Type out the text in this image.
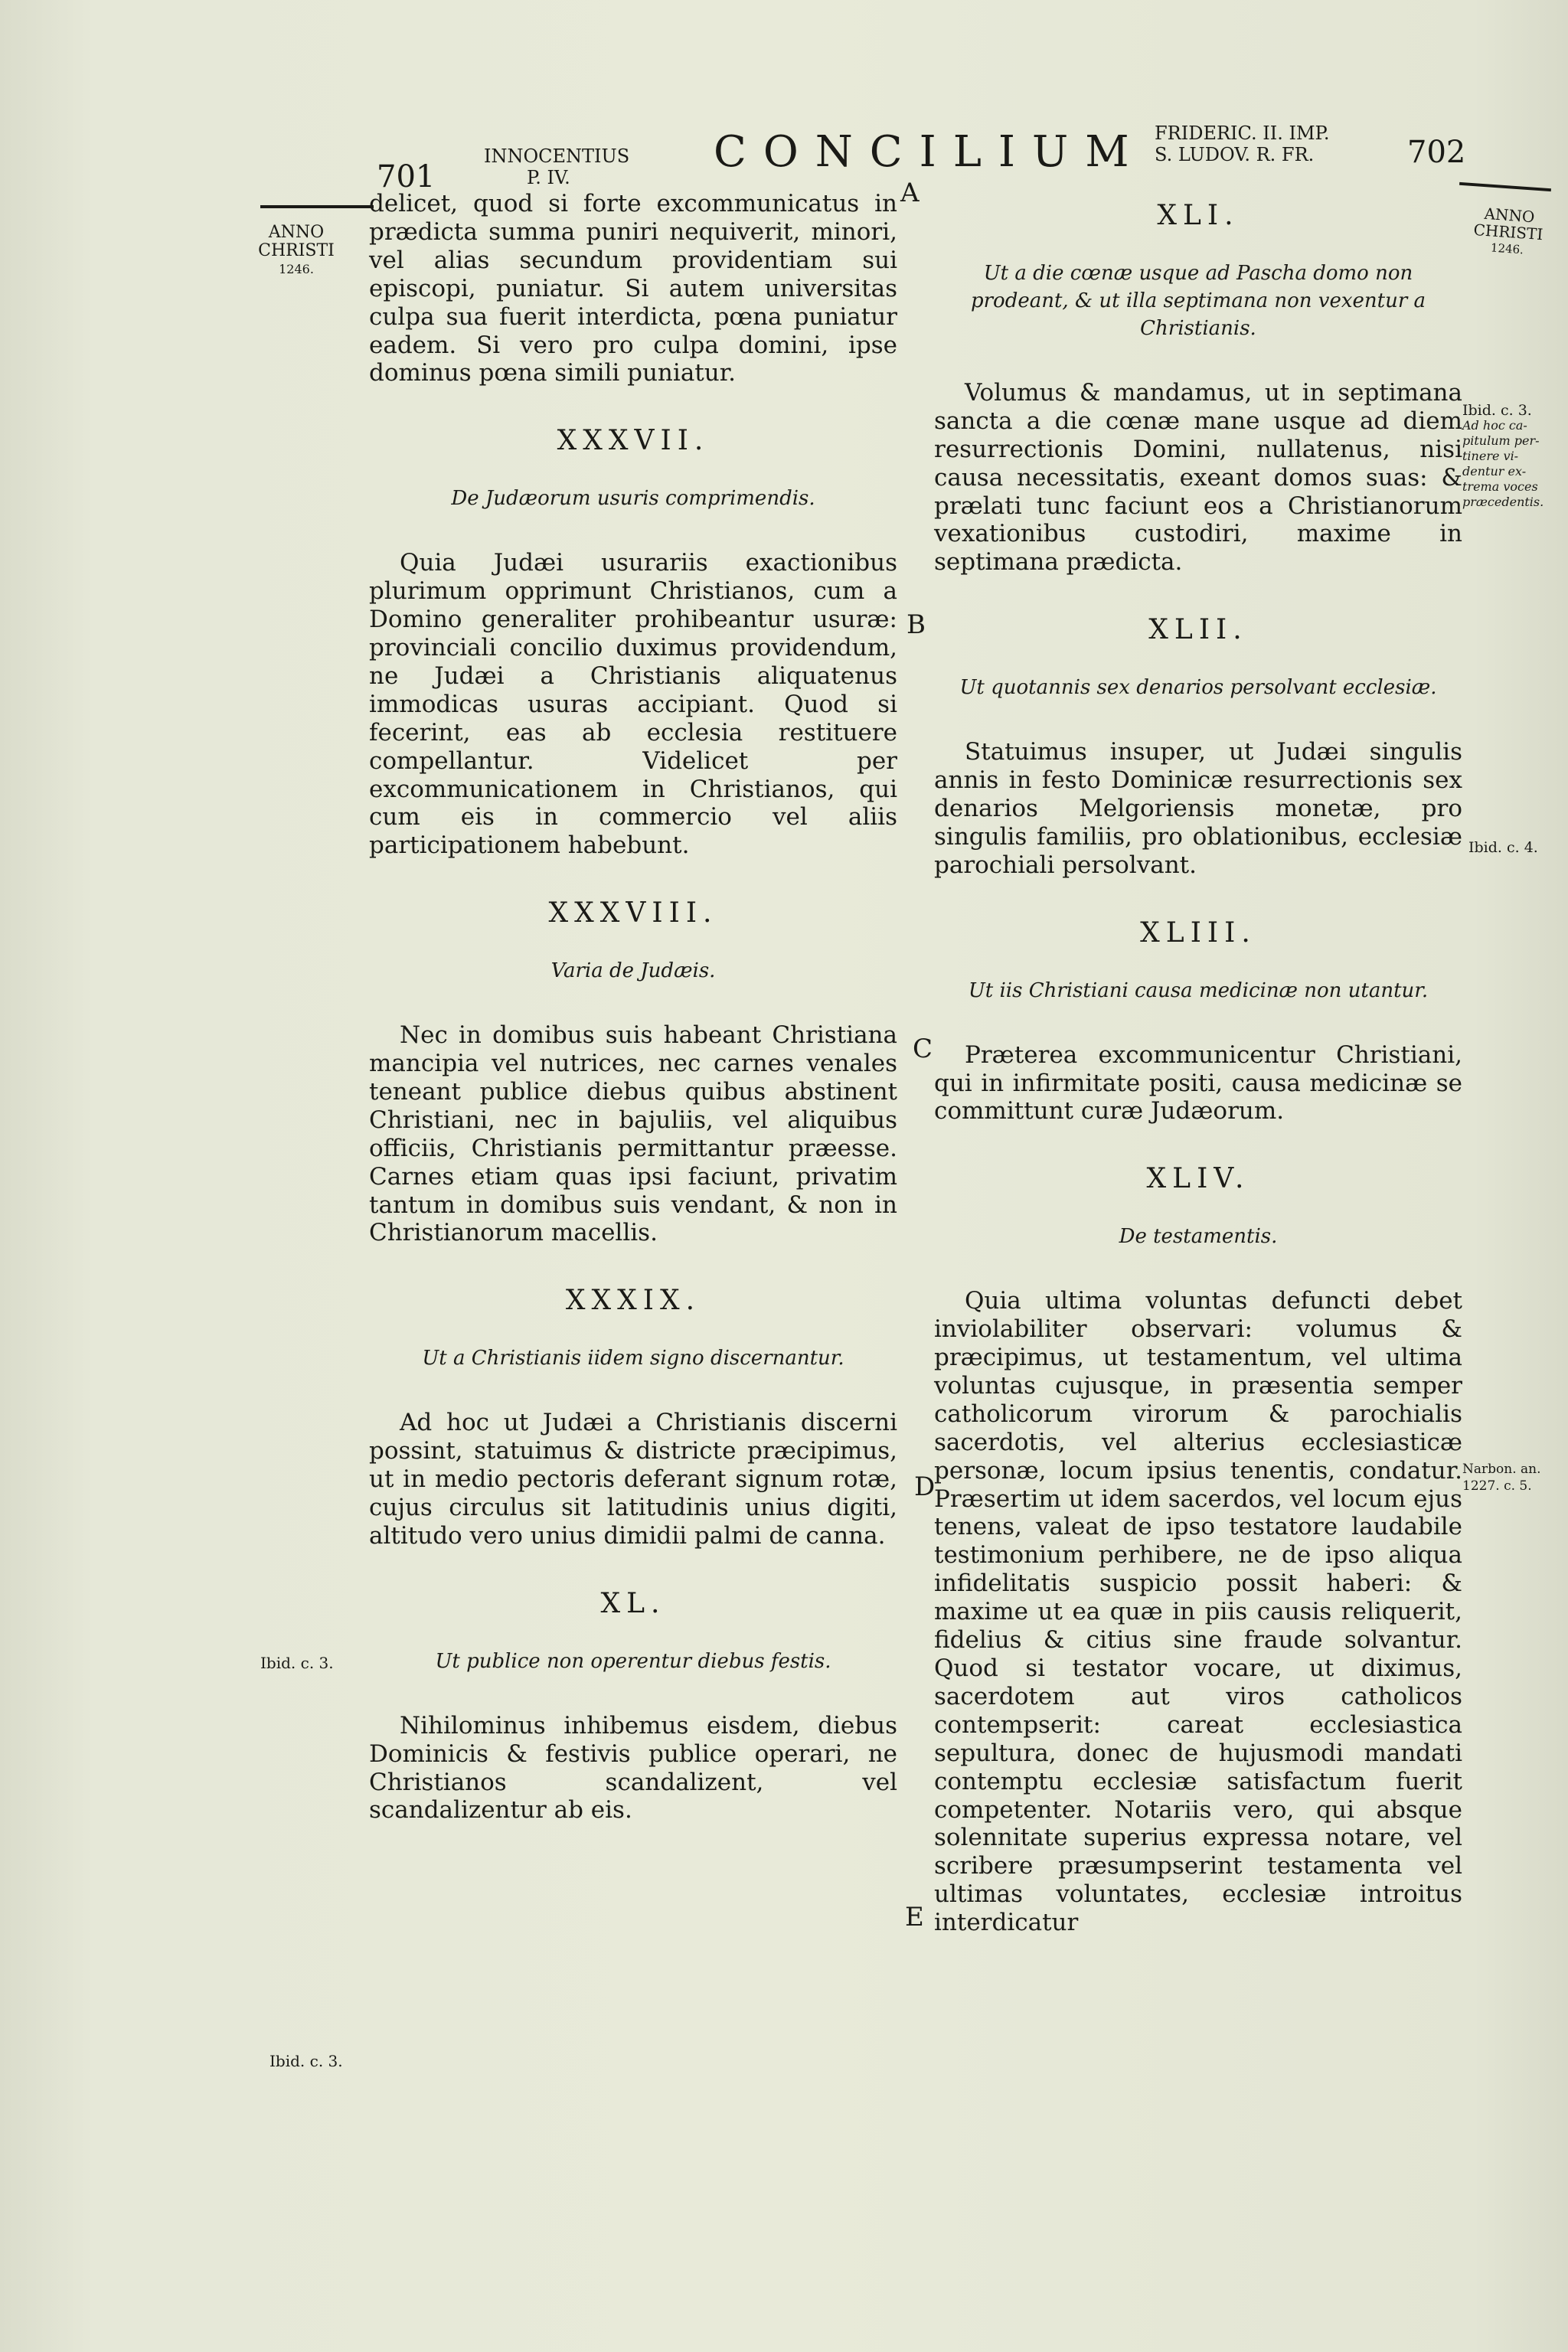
701
INNOCENTIUS
P. IV.
CONCILIUM FRIDERIC. II. IMP.
S. LUDOV. R. FR.	702
ANNO
CHRISTI
1246.
ANNO
CHRISTI
1246.
Ibid. c. 3.
Ibid. c. 3.
Ibid. c. 3.
Ad hoc ca-
pitulum per-
tinere vi-
dentur ex-
trema voces
præcedentis.
Ibid. c. 4.
Narbon. an.
1227. c. 5.
A
B
C
D
E

delicet, quod si forte excommunicatus in prædicta summa puniri nequiverit, minori, vel alias secundum providentiam sui episcopi, puniatur. Si autem universitas culpa sua fuerit interdicta, pœna puniatur eadem. Si vero pro culpa domini, ipse dominus pœna simili puniatur.

XXXVII.
De Judæorum usuris comprimendis.

Quia Judæi usurariis exactionibus plurimum opprimunt Christianos, cum a Domino generaliter prohibeantur usuræ: provinciali concilio duximus providendum, ne Judæi a Christianis aliquatenus immodicas usuras accipiant. Quod si fecerint, eas ab ecclesia restituere compellantur. Videlicet per excommunicationem in Christianos, qui cum eis in commercio vel aliis participationem habebunt.

XXXVIII.
Varia de Judæis.

Nec in domibus suis habeant Christiana mancipia vel nutrices, nec carnes venales teneant publice diebus quibus abstinent Christiani, nec in bajuliis, vel aliquibus officiis, Christianis permittantur præesse. Carnes etiam quas ipsi faciunt, privatim tantum in domibus suis vendant, & non in Christianorum macellis.

XXXIX.
Ut a Christianis iidem signo discernantur.

Ad hoc ut Judæi a Christianis discerni possint, statuimus & districte præcipimus, ut in medio pectoris deferant signum rotæ, cujus circulus sit latitudinis unius digiti, altitudo vero unius dimidii palmi de canna.

XL.
Ut publice non operentur diebus festis.

Nihilominus inhibemus eisdem, diebus Dominicis & festivis publice operari, ne Christianos scandalizent, vel scandalizentur ab eis.

XLI.
Ut a die cœnæ usque ad Pascha domo non prodeant, & ut illa septimana non vexentur a Christianis.

Volumus & mandamus, ut in septimana sancta a die cœnæ mane usque ad diem resurrectionis Domini, nullatenus, nisi causa necessitatis, exeant domos suas: & prælati tunc faciunt eos a Christianorum vexationibus custodiri, maxime in septimana prædicta.

XLII.
Ut quotannis sex denarios persolvant ecclesiæ.

Statuimus insuper, ut Judæi singulis annis in festo Dominicæ resurrectionis sex denarios Melgoriensis monetæ, pro singulis familiis, pro oblationibus, ecclesiæ parochiali persolvant.

XLIII.
Ut iis Christiani causa medicinæ non utantur.

Præterea excommunicentur Christiani, qui in infirmitate positi, causa medicinæ se committunt curæ Judæorum.

XLIV.
De testamentis.

Quia ultima voluntas defuncti debet inviolabiliter observari: volumus & præcipimus, ut testamentum, vel ultima voluntas cujusque, in præsentia semper catholicorum virorum & parochialis sacerdotis, vel alterius ecclesiasticæ personæ, locum ipsius tenentis, condatur. Præsertim ut idem sacerdos, vel locum ejus tenens, valeat de ipso testatore laudabile testimonium perhibere, ne de ipso aliqua infidelitatis suspicio possit haberi: & maxime ut ea quæ in piis causis reliquerit, fidelius & citius sine fraude solvantur. Quod si testator vocare, ut diximus, sacerdotem aut viros catholicos contempserit: careat ecclesiastica sepultura, donec de hujusmodi mandati contemptu ecclesiæ satisfactum fuerit competenter. Notariis vero, qui absque solennitate superius expressa notare, vel scribere præsumpserint testamenta vel ultimas voluntates, ecclesiæ introitus interdicatur
